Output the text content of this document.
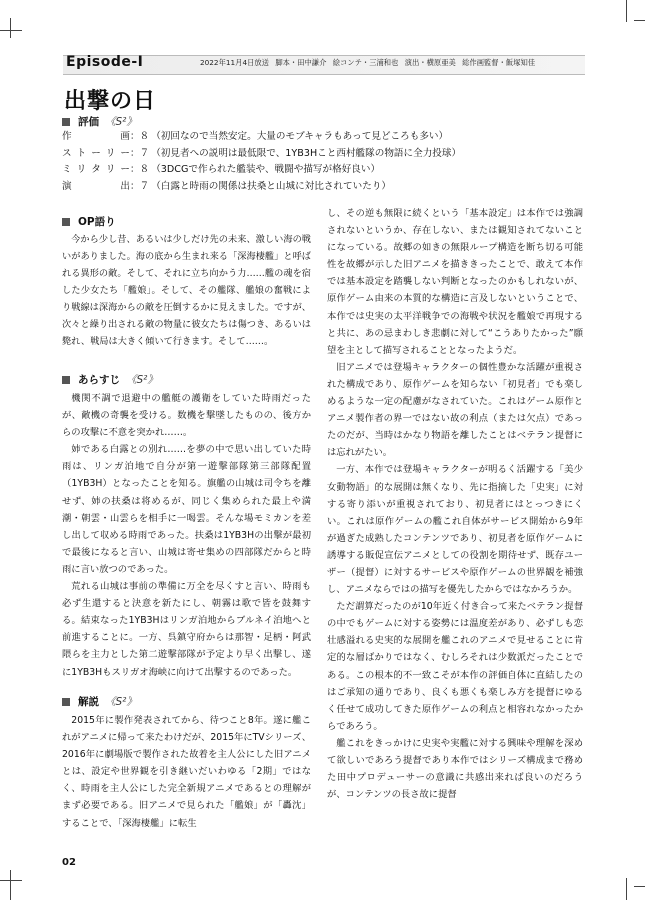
Episode-Ⅰ	2022年11月4日放送 脚本・田中謙介 絵コンテ・三浦和也 演出・横原亜美 総作画監督・飯塚知佳
出撃の日
評価 《S²》
作画 ：８ （初回なので当然安定。大量のモブキャラもあって見どころも多い）
ストーリー ：７ （初見者への説明は最低限で、1YB3Hこと西村艦隊の物語に全力投球）
ミリタリー ：８ （3DCGで作られた艦装や、戦闘や描写が格好良い）
演出 ：７ （白露と時雨の関係は扶桑と山城に対比されていたり）
OP語り

今から少し昔、あるいは少しだけ先の未来、激しい海の戦いがありました。海の底から生まれ来る「深海棲艦」と呼ばれる異形の敵。そして、それに立ち向かう力……艦の魂を宿した少女たち「艦娘」。そして、その艦隊、艦娘の奮戦により戦線は深海からの敵を圧倒するかに見えました。ですが、次々と繰り出される敵の物量に彼女たちは傷つき、あるいは斃れ、戦局は大きく傾いて行きます。そして……。

あらすじ 《S²》

機関不調で退避中の艦艇の護衛をしていた時雨だったが、敵機の奇襲を受ける。数機を撃墜したものの、後方からの攻撃に不意を突かれ……。

姉である白露との別れ……を夢の中で思い出していた時雨は、リンガ泊地で自分が第一遊撃部隊第三部隊配置（1YB3H）となったことを知る。旗艦の山城は司令ちを離せず、姉の扶桑は将めるが、同じく集められた最上や満潮・朝雲・山雲らを相手に一喝雲。そんな場モミカンを差し出して収める時雨であった。扶桑は1YB3Hの出撃が最初で最後になると言い、山城は寄せ集めの四部隊だからと時雨に言い放つのであった。

荒れる山城は事前の準備に万全を尽くすと言い、時雨も必ず生還すると決意を新たにし、朝霧は歌で皆を鼓舞する。結束なった1YB3Hはリンガ泊地からブルネイ泊地へと前進することに。一方、呉鎮守府からは那智・足柄・阿武隈らを主力とした第二遊撃部隊が予定より早く出撃し、遂に1YB3Hもスリガオ海峡に向けて出撃するのであった。

解説 《S²》

2015年に製作発表されてから、待つこと8年。遂に艦これがアニメに帰って来たわけだが、2015年にTVシリーズ、2016年に劇場版で製作された故着を主人公にした旧アニメとは、設定や世界観を引き継いだいわゆる「2期」ではなく、時雨を主人公にした完全新規アニメであるとの理解がまず必要である。旧アニメで見られた「艦娘」が「轟沈」することで、「深海棲艦」に転生

し、その逆も無限に続くという「基本設定」は本作では強調されないというか、存在しない、または観知されてないことになっている。故郷の如きの無限ループ構造を断ち切る可能性を故郷が示した旧アニメを描ききったことで、敢えて本作では基本設定を踏襲しない判断となったのかもしれないが、原作ゲーム由来の本質的な構造に言及しないということで、本作では史実の太平洋戦争での海戦や状況を艦娘で再現すると共に、あの忌まわしき悲劇に対して“こうありたかった”願望を主として描写されることとなったようだ。

旧アニメでは登場キャラクターの個性豊かな活躍が重視された構成であり、原作ゲームを知らない「初見者」でも楽しめるような一定の配慮がなされていた。これはゲーム原作とアニメ製作者の界一ではない故の利点（または欠点）であったのだが、当時はかなり物語を離したことはベテラン提督には忘れがたい。

一方、本作では登場キャラクターが明るく活躍する「美少女動物語」的な展開は無くなり、先に指摘した「史実」に対する寄り添いが重視されており、初見者にはとっつきにくい。これは原作ゲームの艦これ自体がサービス開始から9年が過ぎた成熟したコンテンツであり、初見者を原作ゲームに誘導する販促宣伝アニメとしての役割を期待せず、既存ユーザー（提督）に対するサービスや原作ゲームの世界観を補強し、アニメならではの描写を優先したからではなかろうか。

ただ謂算だったのが10年近く付き合って来たベテラン提督の中でもゲームに対する姿勢には温度差があり、必ずしも恋壮感溢れる史実的な展開を艦これのアニメで見せることに肯定的な層ばかりではなく、むしろそれは少数派だったことである。この根本的不一致こそが本作の評価自体に直結したのはご承知の通りであり、良くも悪くも楽しみ方を提督にゆるく任せて成功してきた原作ゲームの利点と相容れなかったからであろう。

艦これをきっかけに史実や実艦に対する興味や理解を深めて欲しいであろう提督であり本作ではシリーズ構成まで務めた田中プロデューサーの意識に共感出来れば良いのだろうが、コンテンツの長さ故に提督

02
